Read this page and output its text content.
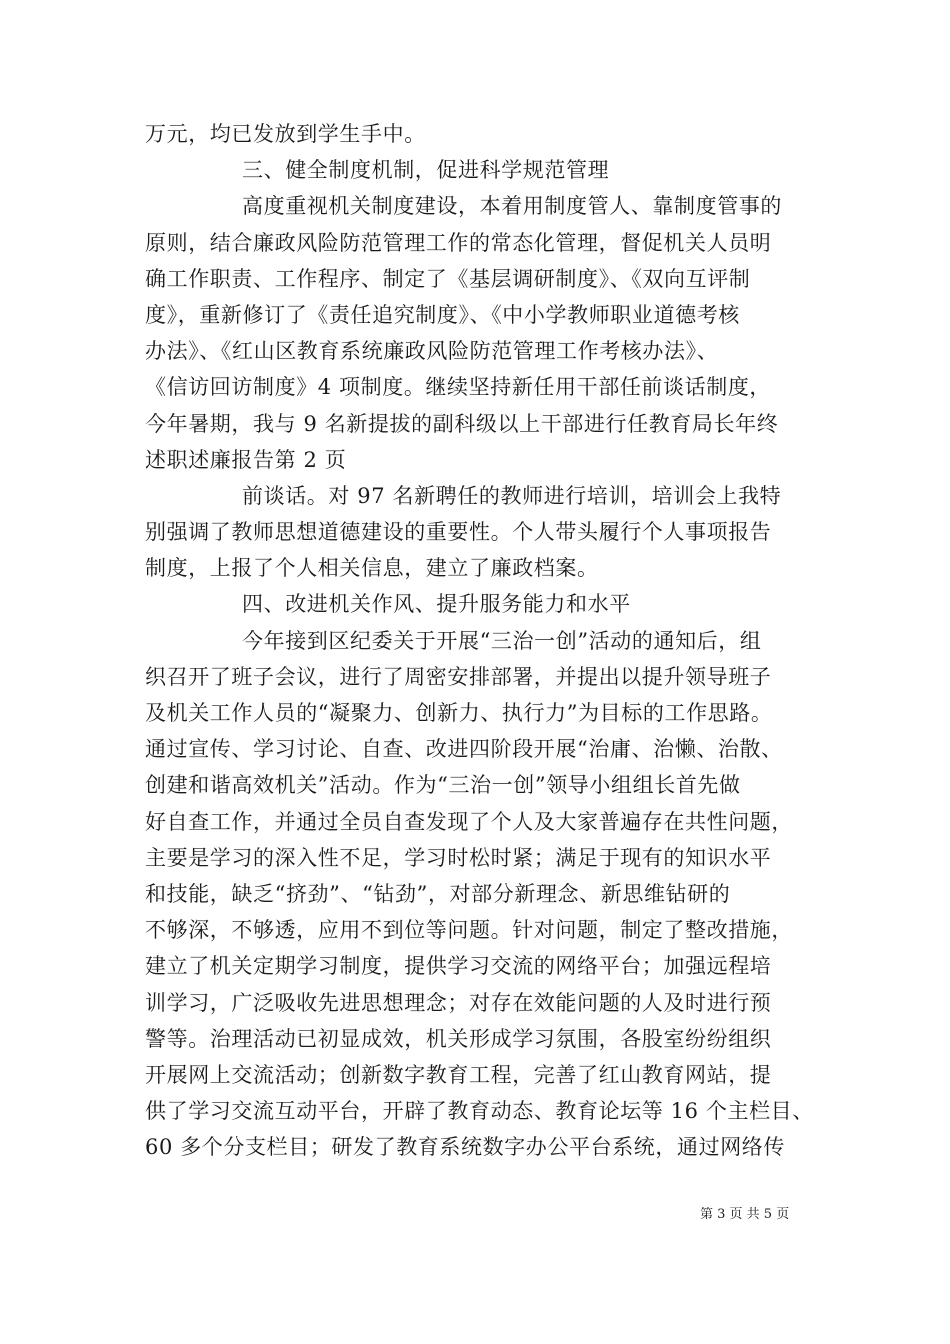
万元，均已发放到学生手中。
三、健全制度机制，促进科学规范管理
高度重视机关制度建设，本着用制度管人、靠制度管事的
原则，结合廉政风险防范管理工作的常态化管理，督促机关人员明
确工作职责、工作程序、制定了《基层调研制度》、《双向互评制
度》，重新修订了《责任追究制度》、《中小学教师职业道德考核
办法》、《红山区教育系统廉政风险防范管理工作考核办法》、
《信访回访制度》4 项制度。继续坚持新任用干部任前谈话制度，
今年暑期，我与 9 名新提拔的副科级以上干部进行任教育局长年终
述职述廉报告第 2 页
前谈话。对 97 名新聘任的教师进行培训，培训会上我特
别强调了教师思想道德建设的重要性。个人带头履行个人事项报告
制度，上报了个人相关信息，建立了廉政档案。
四、改进机关作风、提升服务能力和水平
今年接到区纪委关于开展“三治一创”活动的通知后，组
织召开了班子会议，进行了周密安排部署，并提出以提升领导班子
及机关工作人员的“凝聚力、创新力、执行力”为目标的工作思路。
通过宣传、学习讨论、自查、改进四阶段开展“治庸、治懒、治散、
创建和谐高效机关”活动。作为“三治一创”领导小组组长首先做
好自查工作，并通过全员自查发现了个人及大家普遍存在共性问题，
主要是学习的深入性不足，学习时松时紧；满足于现有的知识水平
和技能，缺乏“挤劲”、“钻劲”，对部分新理念、新思维钻研的
不够深，不够透，应用不到位等问题。针对问题，制定了整改措施，
建立了机关定期学习制度，提供学习交流的网络平台；加强远程培
训学习，广泛吸收先进思想理念；对存在效能问题的人及时进行预
警等。治理活动已初显成效，机关形成学习氛围，各股室纷纷组织
开展网上交流活动；创新数字教育工程，完善了红山教育网站，提
供了学习交流互动平台，开辟了教育动态、教育论坛等 16 个主栏目、
60 多个分支栏目；研发了教育系统数字办公平台系统，通过网络传
第 3 页 共 5 页
